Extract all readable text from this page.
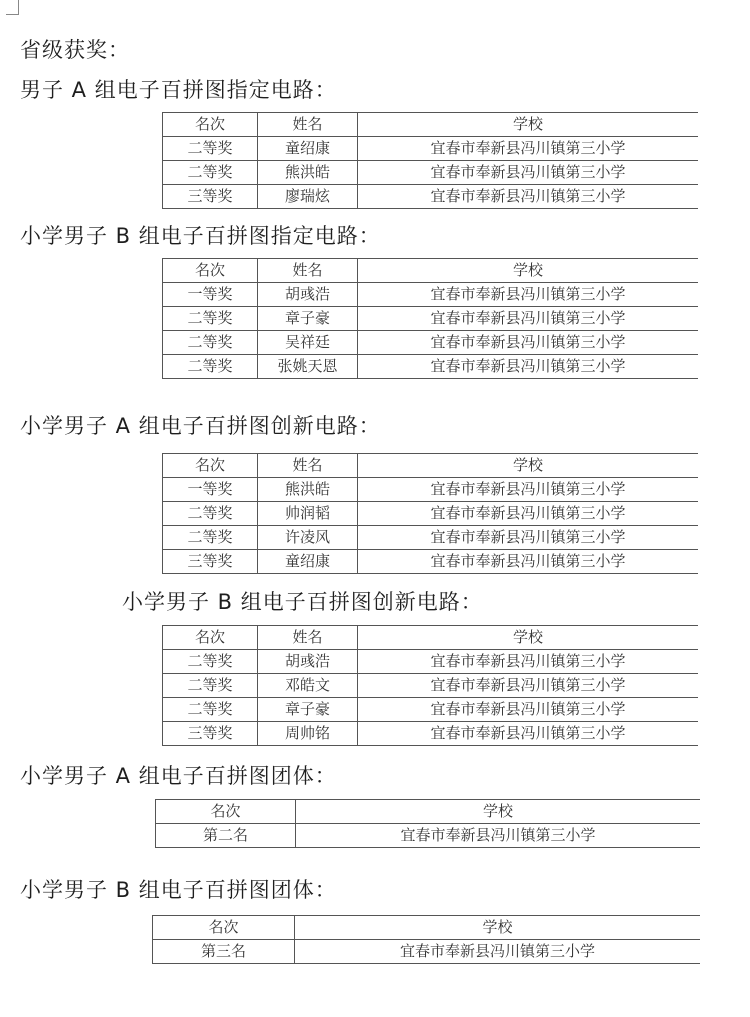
省级获奖：
男子 A 组电子百拼图指定电路：
名次	姓名	学校
二等奖	童绍康	宜春市奉新县冯川镇第三小学
二等奖	熊洪皓	宜春市奉新县冯川镇第三小学
三等奖	廖瑞炫	宜春市奉新县冯川镇第三小学
小学男子 B 组电子百拼图指定电路：
名次	姓名	学校
一等奖	胡彧浩	宜春市奉新县冯川镇第三小学
二等奖	章子豪	宜春市奉新县冯川镇第三小学
二等奖	吴祥廷	宜春市奉新县冯川镇第三小学
二等奖	张姚天恩	宜春市奉新县冯川镇第三小学
小学男子 A 组电子百拼图创新电路：
名次	姓名	学校
一等奖	熊洪皓	宜春市奉新县冯川镇第三小学
二等奖	帅润韬	宜春市奉新县冯川镇第三小学
二等奖	许凌风	宜春市奉新县冯川镇第三小学
三等奖	童绍康	宜春市奉新县冯川镇第三小学
小学男子 B 组电子百拼图创新电路：
名次	姓名	学校
二等奖	胡彧浩	宜春市奉新县冯川镇第三小学
二等奖	邓皓文	宜春市奉新县冯川镇第三小学
二等奖	章子豪	宜春市奉新县冯川镇第三小学
三等奖	周帅铭	宜春市奉新县冯川镇第三小学
小学男子 A 组电子百拼图团体：
名次	学校
第二名	宜春市奉新县冯川镇第三小学
小学男子 B 组电子百拼图团体：
名次	学校
第三名	宜春市奉新县冯川镇第三小学
